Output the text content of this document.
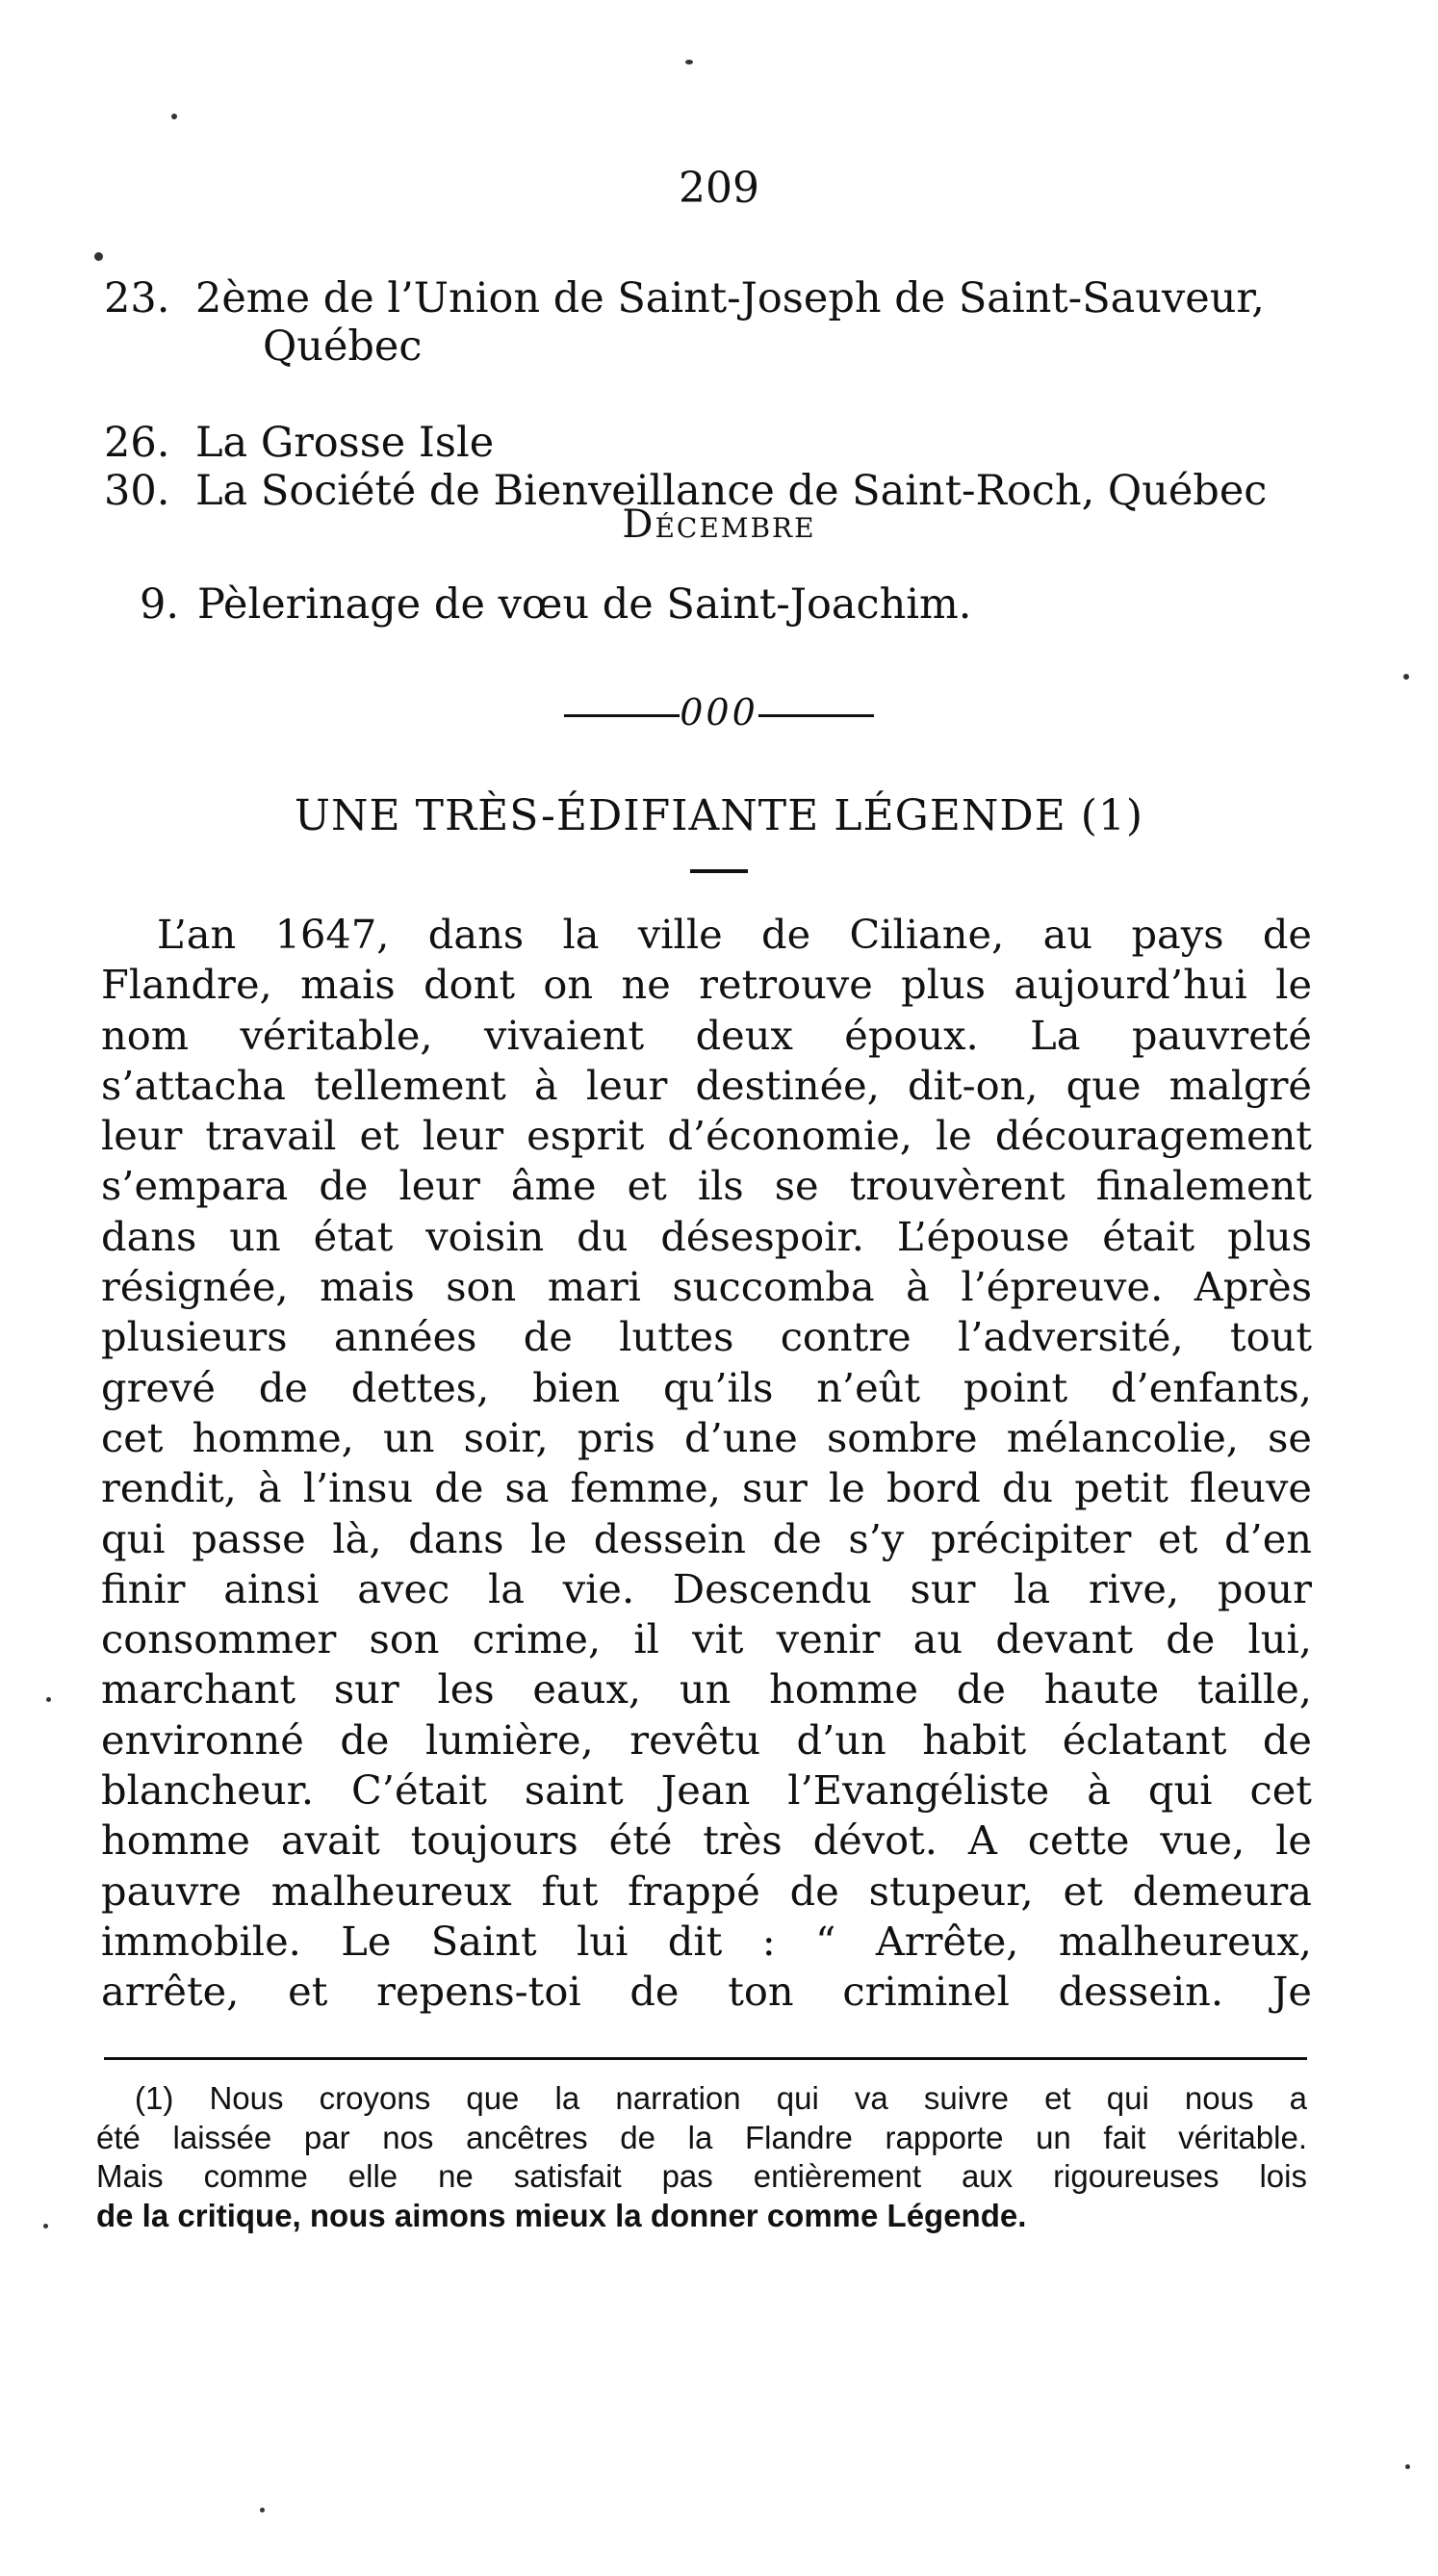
209
23. 2ème de l’Union de Saint-Joseph de Saint-Sauveur,
Québec
26. La Grosse Isle
30. La Société de Bienveillance de Saint-Roch, Québec
Décembre
9. Pèlerinage de vœu de Saint-Joachim.
000
UNE TRÈS-ÉDIFIANTE LÉGENDE (1)
L’an 1647, dans la ville de Ciliane, au pays de
Flandre, mais dont on ne retrouve plus aujourd’hui le
nom véritable, vivaient deux époux. La pauvreté
s’attacha tellement à leur destinée, dit-on, que malgré
leur travail et leur esprit d’économie, le découragement
s’empara de leur âme et ils se trouvèrent finalement
dans un état voisin du désespoir. L’épouse était plus
résignée, mais son mari succomba à l’épreuve. Après
plusieurs années de luttes contre l’adversité, tout
grevé de dettes, bien qu’ils n’eût point d’enfants,
cet homme, un soir, pris d’une sombre mélancolie, se
rendit, à l’insu de sa femme, sur le bord du petit fleuve
qui passe là, dans le dessein de s’y précipiter et d’en
finir ainsi avec la vie. Descendu sur la rive, pour
consommer son crime, il vit venir au devant de lui,
marchant sur les eaux, un homme de haute taille,
environné de lumière, revêtu d’un habit éclatant de
blancheur. C’était saint Jean l’Evangéliste à qui cet
homme avait toujours été très dévot. A cette vue, le
pauvre malheureux fut frappé de stupeur, et demeura
immobile. Le Saint lui dit : “ Arrête, malheureux,
arrête, et repens-toi de ton criminel dessein. Je
(1) Nous croyons que la narration qui va suivre et qui nous a
été laissée par nos ancêtres de la Flandre rapporte un fait véritable.
Mais comme elle ne satisfait pas entièrement aux rigoureuses lois
de la critique, nous aimons mieux la donner comme Légende.
